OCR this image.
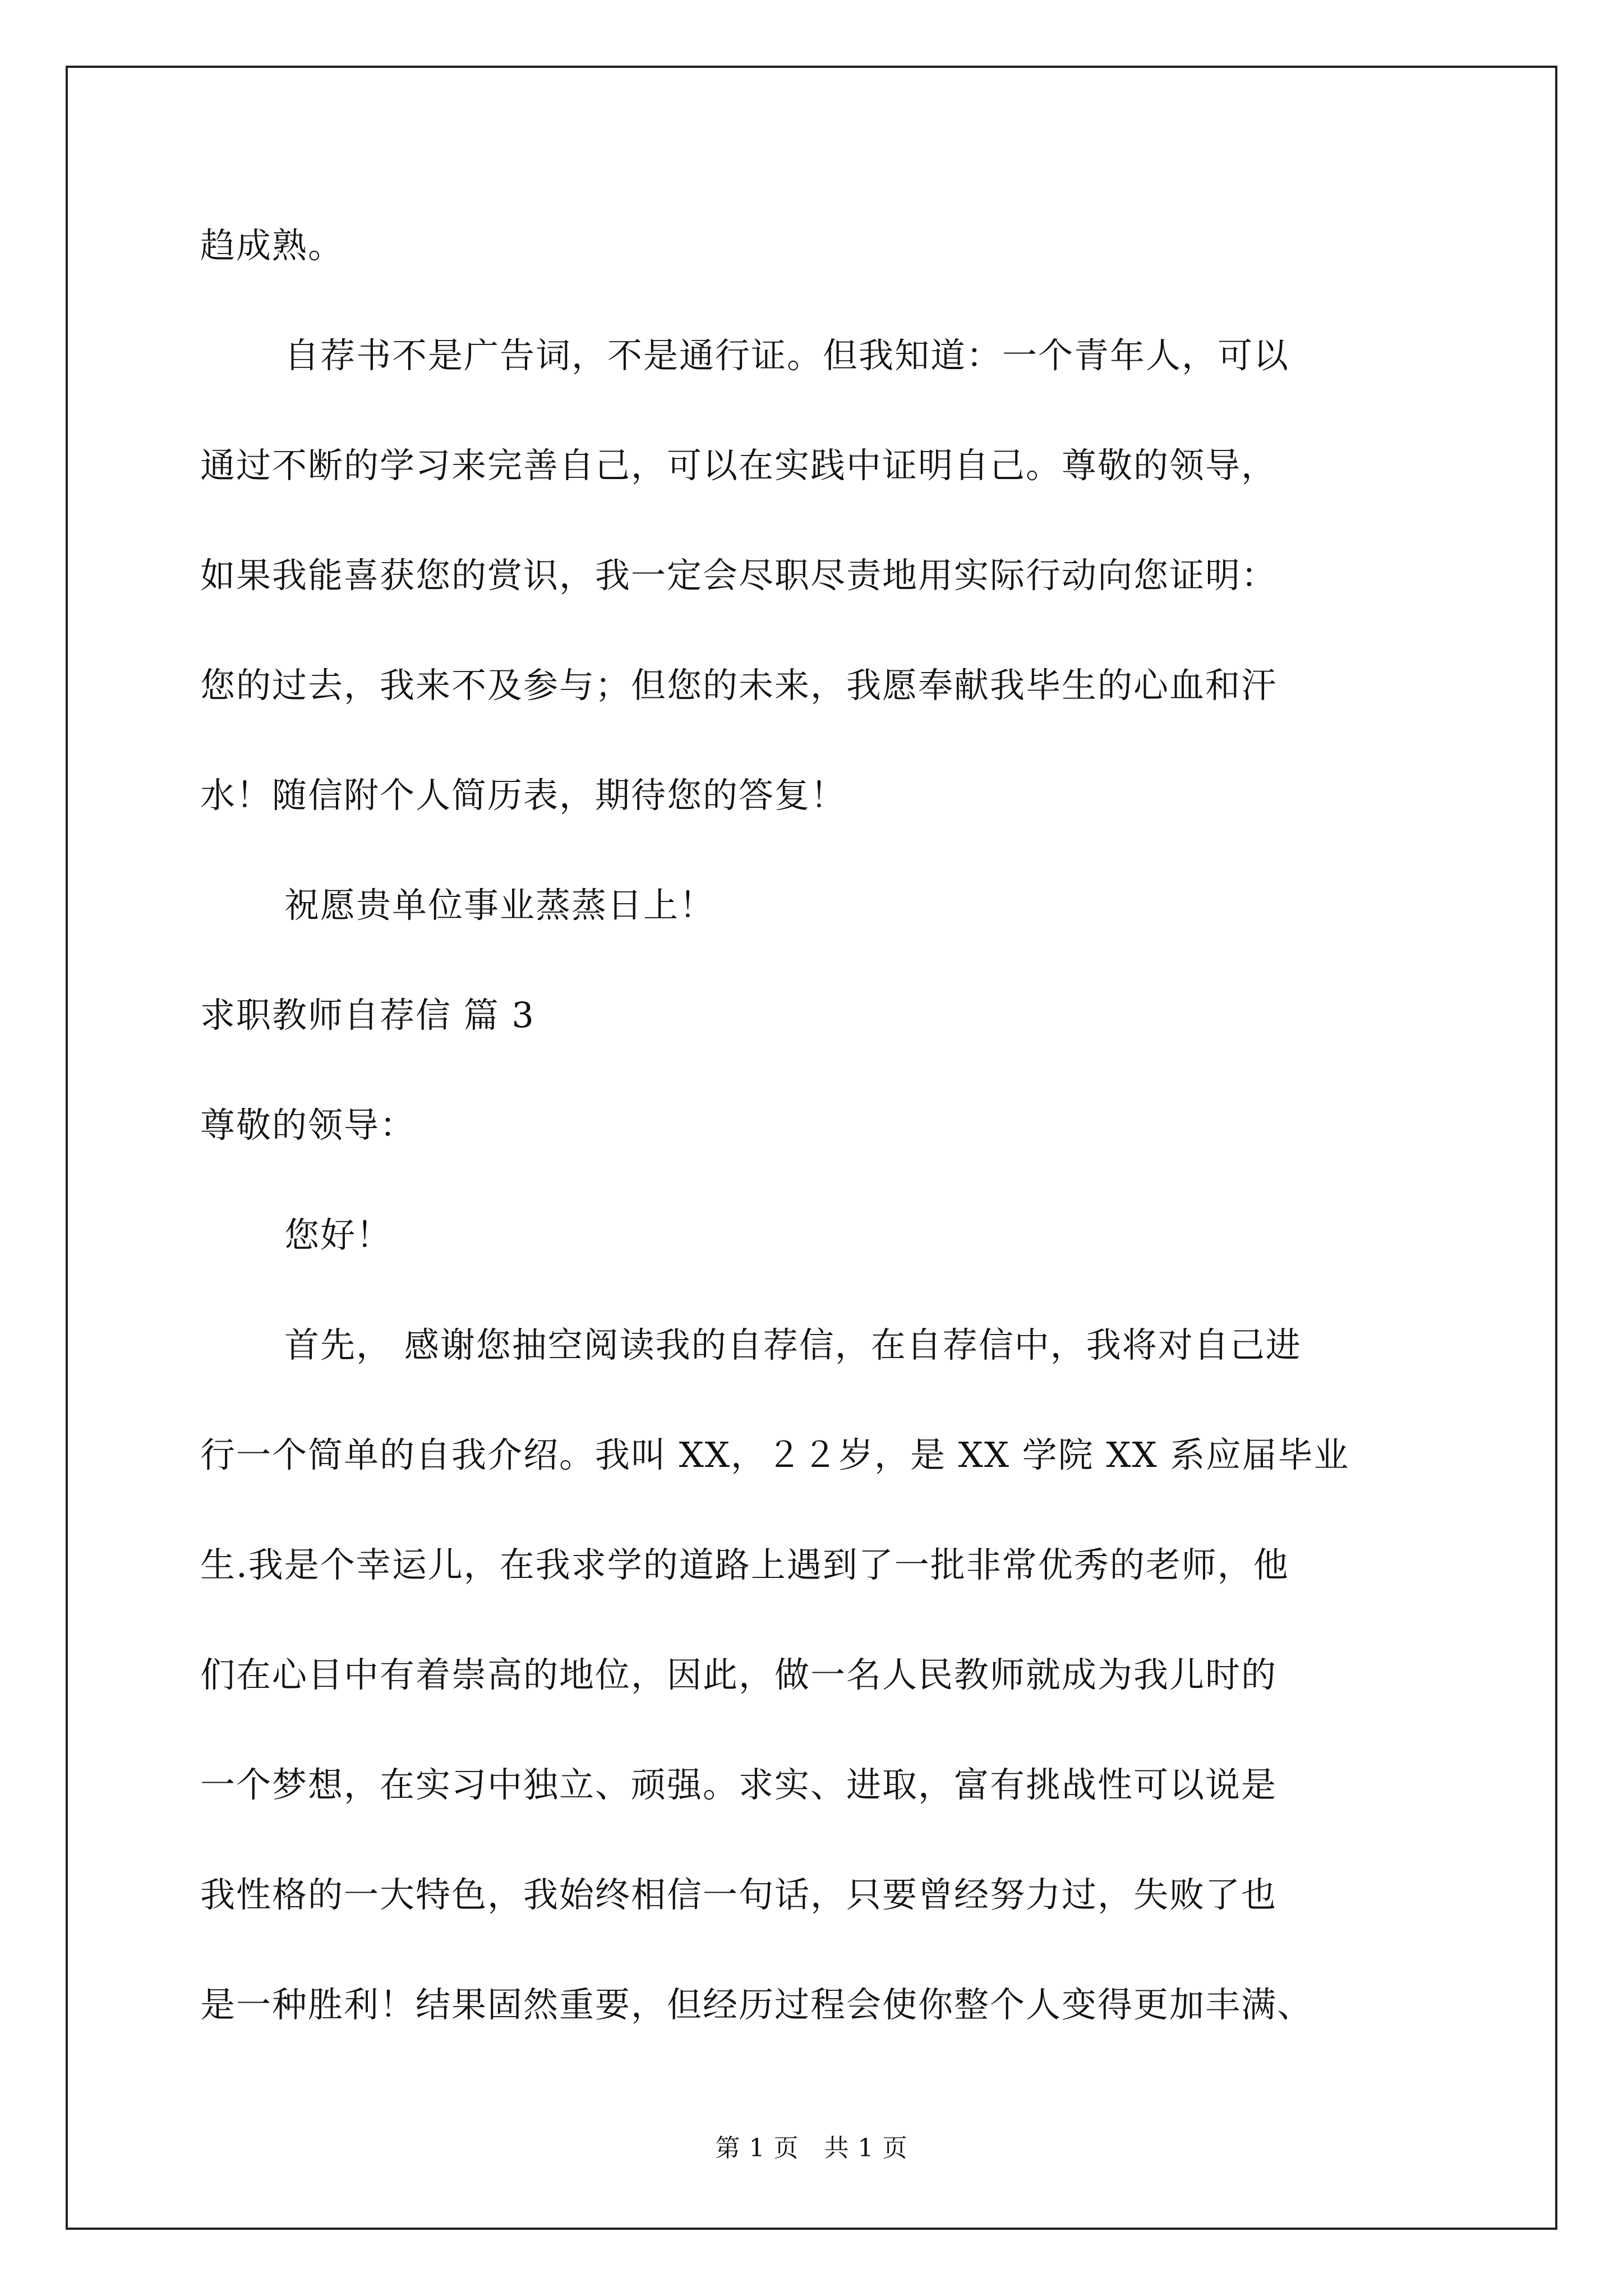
趋成熟。
自荐书不是广告词，不是通行证。但我知道：一个青年人，可以
通过不断的学习来完善自己，可以在实践中证明自己。尊敬的领导，
如果我能喜获您的赏识，我一定会尽职尽责地用实际行动向您证明：
您的过去，我来不及参与；但您的未来，我愿奉献我毕生的心血和汗
水！随信附个人简历表，期待您的答复！
祝愿贵单位事业蒸蒸日上！
求职教师自荐信 篇 3
尊敬的领导：
您好！
首先， 感谢您抽空阅读我的自荐信，在自荐信中，我将对自己进
行一个简单的自我介绍。我叫 XX，２２岁，是 XX 学院 XX 系应届毕业
生.我是个幸运儿，在我求学的道路上遇到了一批非常优秀的老师，他
们在心目中有着崇高的地位，因此，做一名人民教师就成为我儿时的
一个梦想，在实习中独立、顽强。求实、进取，富有挑战性可以说是
我性格的一大特色，我始终相信一句话，只要曾经努力过，失败了也
是一种胜利！结果固然重要，但经历过程会使你整个人变得更加丰满、
第 1 页　共 1 页
